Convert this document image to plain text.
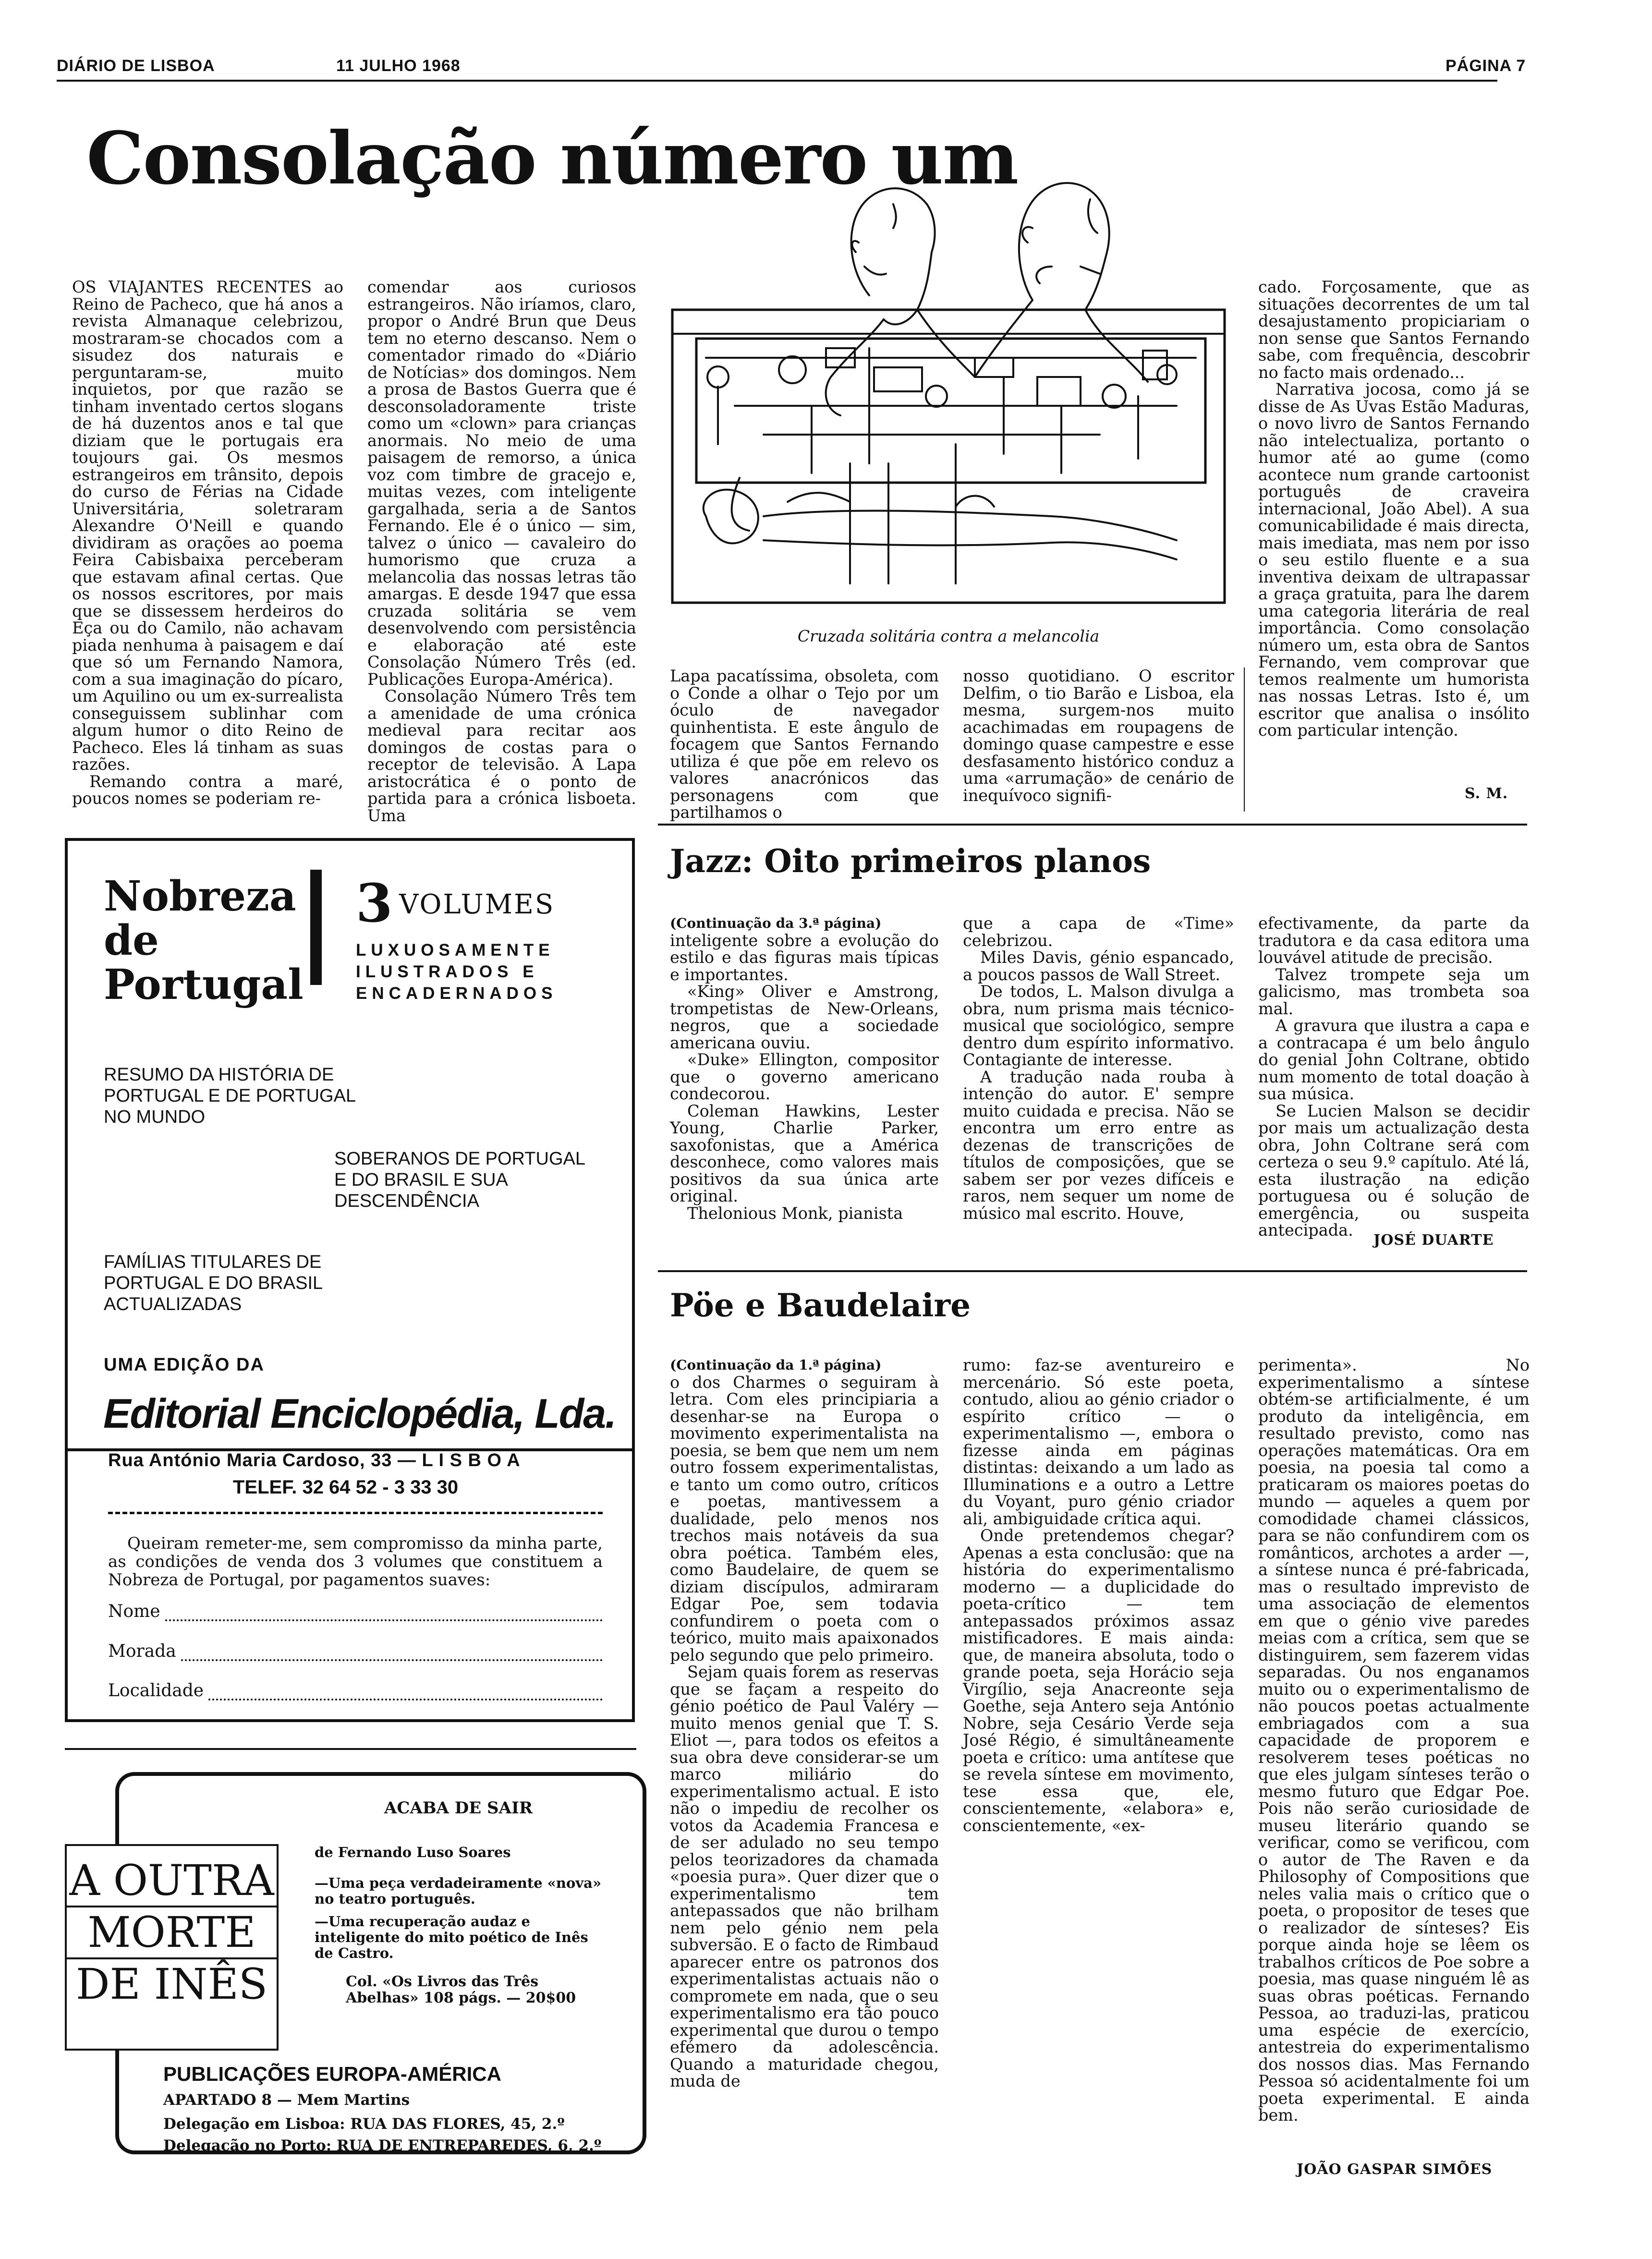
DIÁRIO DE LISBOA	11 JULHO 1968	PÁGINA 7
Consolação número um
Cruzada solitária contra a melancolia

OS VIAJANTES RECENTES ao Reino de Pacheco, que há anos a revista Almanaque celebrizou, mostraram-se chocados com a sisudez dos naturais e perguntaram-se, muito inquietos, por que razão se tinham inventado certos slogans de há duzentos anos e tal que diziam que le portugais era toujours gai. Os mesmos estrangeiros em trânsito, depois do curso de Férias na Cidade Universitária, soletraram Alexandre O'Neill e quando dividiram as orações ao poema Feira Cabisbaixa perceberam que estavam afinal certas. Que os nossos escritores, por mais que se dissessem herdeiros do Eça ou do Camilo, não achavam piada nenhuma à paisagem e daí que só um Fernando Namora, com a sua imaginação do pícaro, um Aquilino ou um ex-surrealista conseguissem sublinhar com algum humor o dito Reino de Pacheco. Eles lá tinham as suas razões.

Remando contra a maré, poucos nomes se poderiam re-

comendar aos curiosos estrangeiros. Não iríamos, claro, propor o André Brun que Deus tem no eterno descanso. Nem o comentador rimado do «Diário de Notícias» dos domingos. Nem a prosa de Bastos Guerra que é desconsoladoramente triste como um «clown» para crianças anormais. No meio de uma paisagem de remorso, a única voz com timbre de gracejo e, muitas vezes, com inteligente gargalhada, seria a de Santos Fernando. Ele é o único — sim, talvez o único — cavaleiro do humorismo que cruza a melancolia das nossas letras tão amargas. E desde 1947 que essa cruzada solitária se vem desenvolvendo com persistência e elaboração até este Consolação Número Três (ed. Publicações Europa-América).

Consolação Número Três tem a amenidade de uma crónica medieval para recitar aos domingos de costas para o receptor de televisão. A Lapa aristocrática é o ponto de partida para a crónica lisboeta. Uma

Lapa pacatíssima, obsoleta, com o Conde a olhar o Tejo por um óculo de navegador quinhentista. E este ângulo de focagem que Santos Fernando utiliza é que põe em relevo os valores anacrónicos das personagens com que partilhamos o

nosso quotidiano. O escritor Delfim, o tio Barão e Lisboa, ela mesma, surgem-nos muito acachimadas em roupagens de domingo quase campestre e esse desfasamento histórico conduz a uma «arrumação» de cenário de inequívoco signifi-

cado. Forçosamente, que as situações decorrentes de um tal desajustamento propiciariam o non sense que Santos Fernando sabe, com frequência, descobrir no facto mais ordenado...

Narrativa jocosa, como já se disse de As Uvas Estão Maduras, o novo livro de Santos Fernando não intelectualiza, portanto o humor até ao gume (como acontece num grande cartoonist português de craveira internacional, João Abel). A sua comunicabilidade é mais directa, mais imediata, mas nem por isso o seu estilo fluente e a sua inventiva deixam de ultrapassar a graça gratuita, para lhe darem uma categoria literária de real importância. Como consolação número um, esta obra de Santos Fernando, vem comprovar que temos realmente um humorista nas nossas Letras. Isto é, um escritor que analisa o insólito com particular intenção.

S. M.
Nobreza
de
Portugal
3 VOLUMES
LUXUOSAMENTE
ILUSTRADOS E
ENCADERNADOS
RESUMO DA HISTÓRIA DE
PORTUGAL E DE PORTUGAL
NO MUNDO
SOBERANOS DE PORTUGAL
E DO BRASIL E SUA
DESCENDÊNCIA
FAMÍLIAS TITULARES DE
PORTUGAL E DO BRASIL
ACTUALIZADAS
UMA EDIÇÃO DA
Editorial Enciclopédia, Lda.
Rua António Maria Cardoso, 33 — L I S B O A
TELEF. 32 64 52 - 3 33 30
Queiram remeter-me, sem compromisso da minha parte, as condições de venda dos 3 volumes que constituem a Nobreza de Portugal, por pagamentos suaves:
Nome
Morada
Localidade
A OUTRA
MORTE
DE INÊS
ACABA DE SAIR
de Fernando Luso Soares
—Uma peça verdadeiramente «nova» no teatro português.
—Uma recuperação audaz e inteligente do mito poético de Inês de Castro.
Col. «Os Livros das Três Abelhas» 108 págs. — 20$00
PUBLICAÇÕES EUROPA-AMÉRICA
APARTADO 8 — Mem Martins
Delegação em Lisboa: RUA DAS FLORES, 45, 2.º
Delegação no Porto: RUA DE ENTREPAREDES, 6, 2.º
Jazz: Oito primeiros planos

(Continuação da 3.ª página)

inteligente sobre a evolução do estilo e das figuras mais típicas e importantes.

«King» Oliver e Amstrong, trompetistas de New-Orleans, negros, que a sociedade americana ouviu.

«Duke» Ellington, compositor que o governo americano condecorou.

Coleman Hawkins, Lester Young, Charlie Parker, saxofonistas, que a América desconhece, como valores mais positivos da sua única arte original.

Thelonious Monk, pianista

que a capa de «Time» celebrizou.

Miles Davis, génio espancado, a poucos passos de Wall Street.

De todos, L. Malson divulga a obra, num prisma mais técnico-musical que sociológico, sempre dentro dum espírito informativo. Contagiante de interesse.

A tradução nada rouba à intenção do autor. E' sempre muito cuidada e precisa. Não se encontra um erro entre as dezenas de transcrições de títulos de composições, que se sabem ser por vezes difíceis e raros, nem sequer um nome de músico mal escrito. Houve,

efectivamente, da parte da tradutora e da casa editora uma louvável atitude de precisão.

Talvez trompete seja um galicismo, mas trombeta soa mal.

A gravura que ilustra a capa e a contracapa é um belo ângulo do genial John Coltrane, obtido num momento de total doação à sua música.

Se Lucien Malson se decidir por mais um actualização desta obra, John Coltrane será com certeza o seu 9.º capítulo. Até lá, esta ilustração na edição portuguesa ou é solução de emergência, ou suspeita antecipada.

JOSÉ DUARTE
Pöe e Baudelaire

(Continuação da 1.ª página)

o dos Charmes o seguiram à letra. Com eles principiaria a desenhar-se na Europa o movimento experimentalista na poesia, se bem que nem um nem outro fossem experimentalistas, e tanto um como outro, críticos e poetas, mantivessem a dualidade, pelo menos nos trechos mais notáveis da sua obra poética. Também eles, como Baudelaire, de quem se diziam discípulos, admiraram Edgar Poe, sem todavia confundirem o poeta com o teórico, muito mais apaixonados pelo segundo que pelo primeiro.

Sejam quais forem as reservas que se façam a respeito do génio poético de Paul Valéry — muito menos genial que T. S. Eliot —, para todos os efeitos a sua obra deve considerar-se um marco miliário do experimentalismo actual. E isto não o impediu de recolher os votos da Academia Francesa e de ser adulado no seu tempo pelos teorizadores da chamada «poesia pura». Quer dizer que o experimentalismo tem antepassados que não brilham nem pelo génio nem pela subversão. E o facto de Rimbaud aparecer entre os patronos dos experimentalistas actuais não o compromete em nada, que o seu experimentalismo era tão pouco experimental que durou o tempo efémero da adolescência. Quando a maturidade chegou, muda de

rumo: faz-se aventureiro e mercenário. Só este poeta, contudo, aliou ao génio criador o espírito crítico — o experimentalismo —, embora o fizesse ainda em páginas distintas: deixando a um lado as Illuminations e a outro a Lettre du Voyant, puro génio criador ali, ambiguidade crítica aqui.

Onde pretendemos chegar? Apenas a esta conclusão: que na história do experimentalismo moderno — a duplicidade do poeta-crítico — tem antepassados próximos assaz mistificadores. E mais ainda: que, de maneira absoluta, todo o grande poeta, seja Horácio seja Virgílio, seja Anacreonte seja Goethe, seja Antero seja António Nobre, seja Cesário Verde seja José Régio, é simultâneamente poeta e crítico: uma antítese que se revela síntese em movimento, tese essa que, ele, conscientemente, «elabora» e, conscientemente, «ex-

perimenta». No experimentalismo a síntese obtém-se artificialmente, é um produto da inteligência, em resultado previsto, como nas operações matemáticas. Ora em poesia, na poesia tal como a praticaram os maiores poetas do mundo — aqueles a quem por comodidade chamei clássicos, para se não confundirem com os românticos, archotes a arder —, a síntese nunca é pré-fabricada, mas o resultado imprevisto de uma associação de elementos em que o génio vive paredes meias com a crítica, sem que se distinguirem, sem fazerem vidas separadas. Ou nos enganamos muito ou o experimentalismo de não poucos poetas actualmente embriagados com a sua capacidade de proporem e resolverem teses poéticas no que eles julgam sínteses terão o mesmo futuro que Edgar Poe. Pois não serão curiosidade de museu literário quando se verificar, como se verificou, com o autor de The Raven e da Philosophy of Compositions que neles valia mais o crítico que o poeta, o propositor de teses que o realizador de sínteses? Eis porque ainda hoje se lêem os trabalhos críticos de Poe sobre a poesia, mas quase ninguém lê as suas obras poéticas. Fernando Pessoa, ao traduzi-las, praticou uma espécie de exercício, antestreia do experimentalismo dos nossos dias. Mas Fernando Pessoa só acidentalmente foi um poeta experimental. E ainda bem.

JOÃO GASPAR SIMÕES
